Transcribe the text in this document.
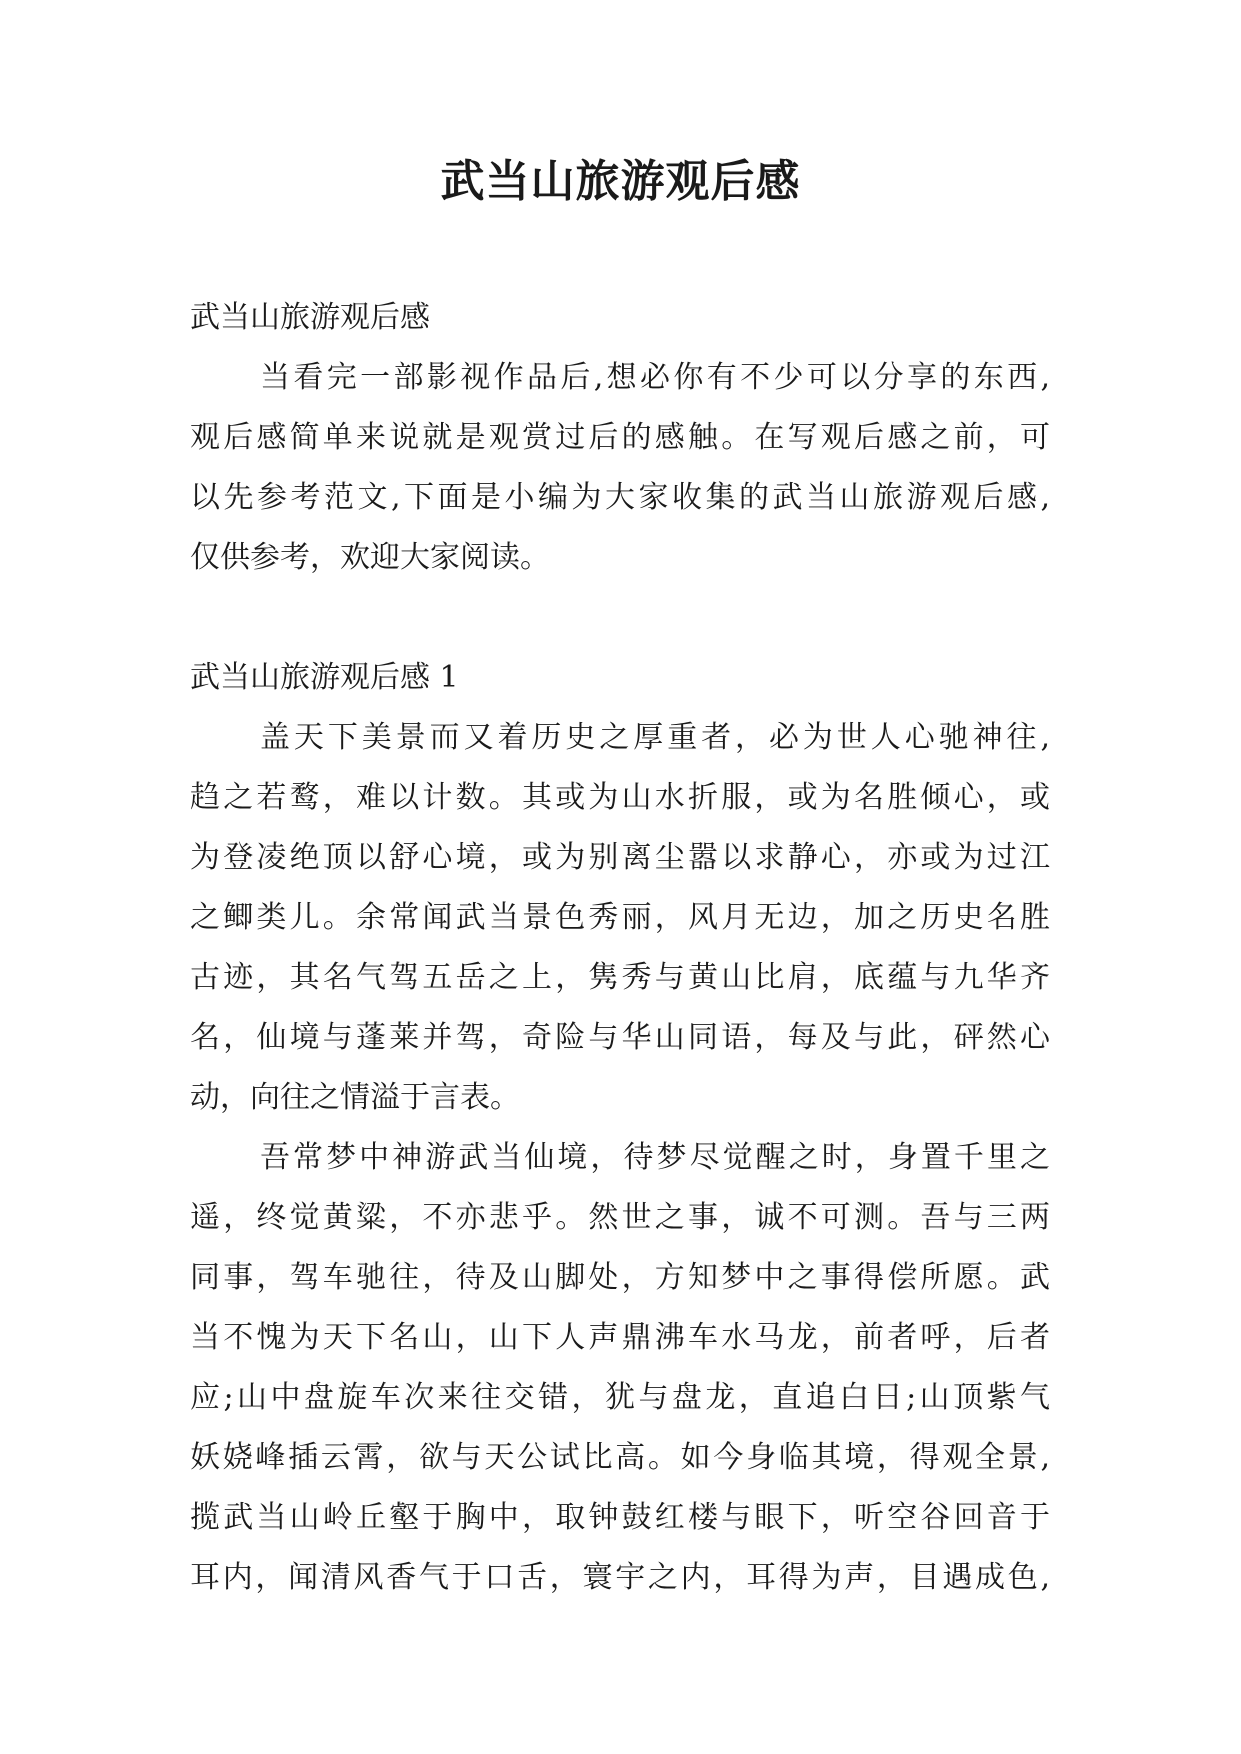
武当山旅游观后感

武当山旅游观后感

当看完一部影视作品后,想必你有不少可以分享的东西,

观后感简单来说就是观赏过后的感触。在写观后感之前，可

以先参考范文,下面是小编为大家收集的武当山旅游观后感,

仅供参考，欢迎大家阅读。

武当山旅游观后感 1

盖天下美景而又着历史之厚重者，必为世人心驰神往,

趋之若鹜，难以计数。其或为山水折服，或为名胜倾心，或

为登凌绝顶以舒心境，或为别离尘嚣以求静心，亦或为过江

之鲫类儿。余常闻武当景色秀丽，风月无边，加之历史名胜

古迹，其名气驾五岳之上，隽秀与黄山比肩，底蕴与九华齐

名，仙境与蓬莱并驾，奇险与华山同语，每及与此，砰然心

动，向往之情溢于言表。

吾常梦中神游武当仙境，待梦尽觉醒之时，身置千里之

遥，终觉黄粱，不亦悲乎。然世之事，诚不可测。吾与三两

同事，驾车驰往，待及山脚处，方知梦中之事得偿所愿。武

当不愧为天下名山，山下人声鼎沸车水马龙，前者呼，后者

应;山中盘旋车次来往交错，犹与盘龙，直追白日;山顶紫气

妖娆峰插云霄，欲与天公试比高。如今身临其境，得观全景,

揽武当山岭丘壑于胸中，取钟鼓红楼与眼下，听空谷回音于

耳内，闻清风香气于口舌，寰宇之内，耳得为声，目遇成色,
